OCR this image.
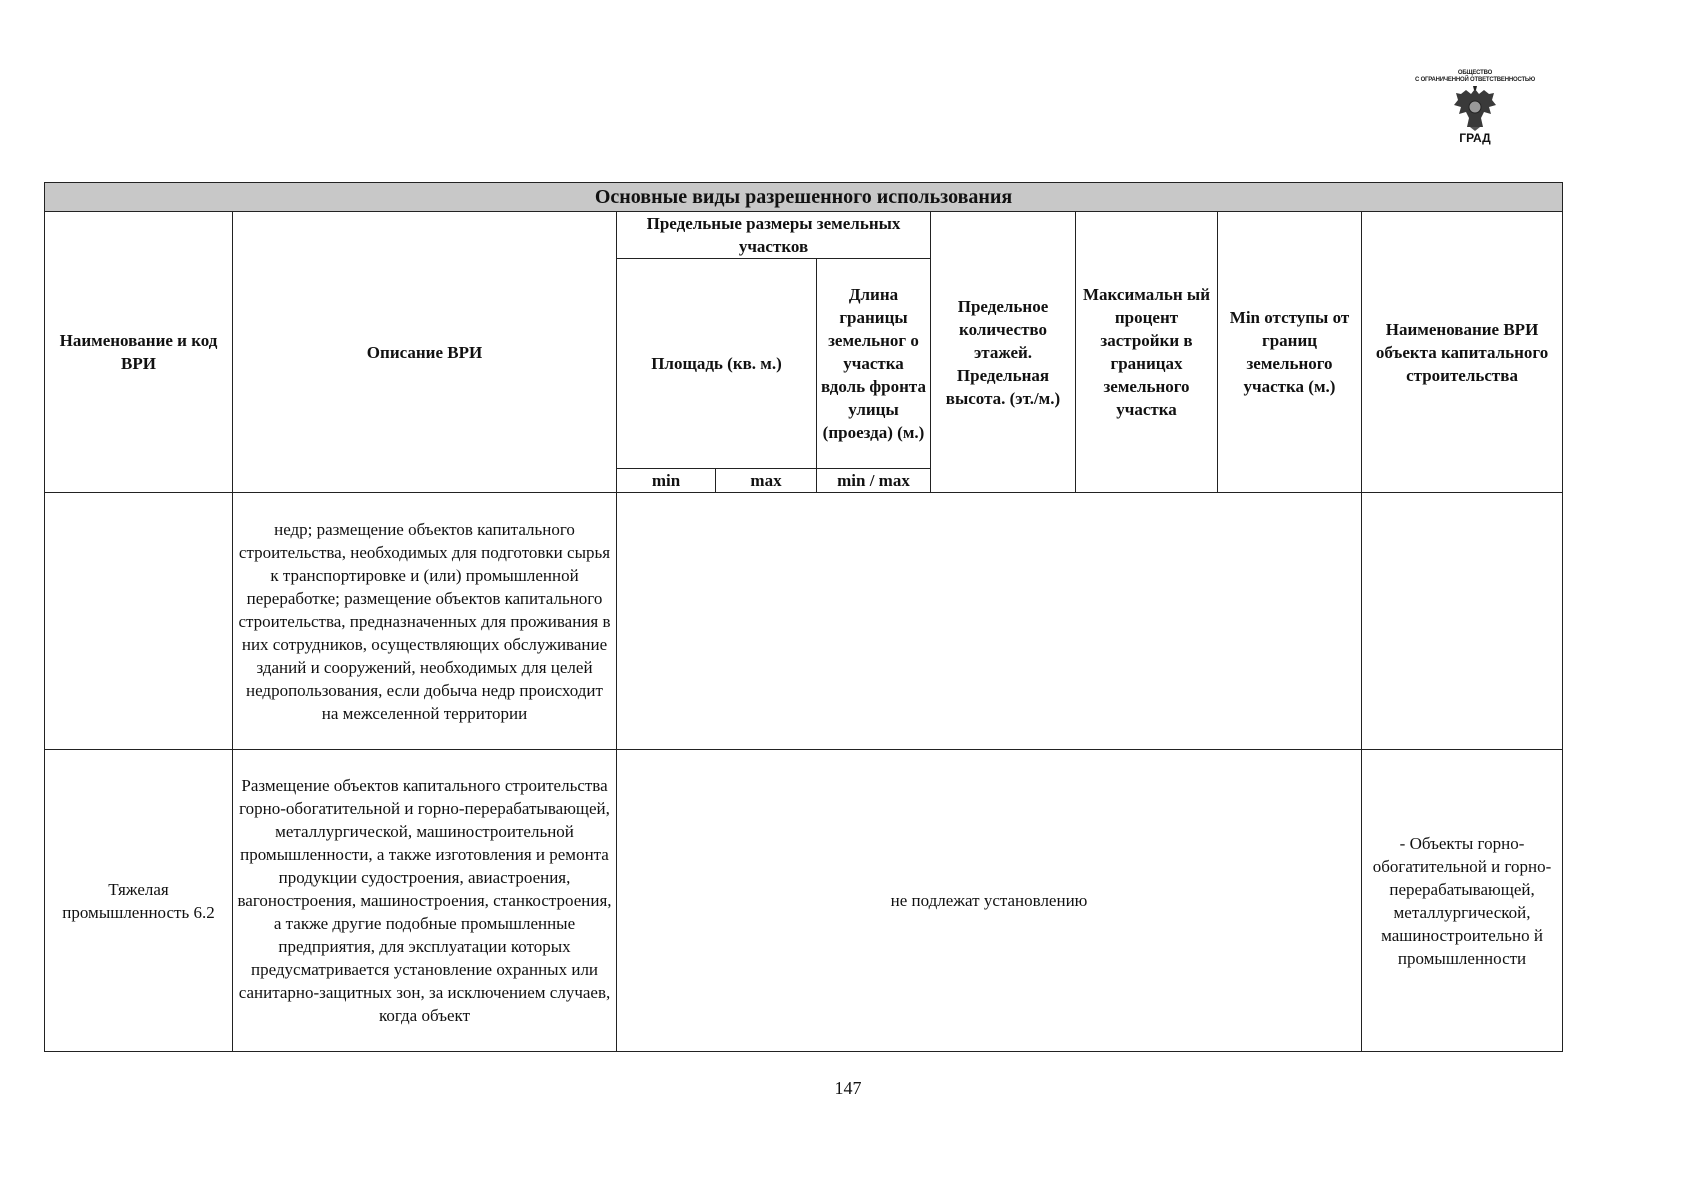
ОБЩЕСТВО
С ОГРАНИЧЕННОЙ ОТВЕТСТВЕННОСТЬЮ
ГРАД
Основные виды разрешенного использования								
Наименование и код ВРИ	Описание ВРИ	Предельные размеры земельных участков			Предельное количество этажей. Предельная высота. (эт./м.)	Максимальн ый процент застройки в границах земельного участка	Min отступы от границ земельного участка (м.)	Наименование ВРИ объекта капитального строительства
		Площадь (кв. м.)		Длина границы земельног о участка вдоль фронта улицы (проезда) (м.)				
		min	max	min / max				
	недр; размещение объектов капитального строительства, необходимых для подготовки сырья к транспортировке и (или) промышленной переработке; размещение объектов капитального строительства, предназначенных для проживания в них сотрудников, осуществляющих обслуживание зданий и сооружений, необходимых для целей недропользования, если добыча недр происходит на межселенной территории							
Тяжелая промышленность 6.2	Размещение объектов капитального строительства горно-обогатительной и горно-перерабатывающей, металлургической, машиностроительной промышленности, а также изготовления и ремонта продукции судостроения, авиастроения, вагоностроения, машиностроения, станкостроения, а также другие подобные промышленные предприятия, для эксплуатации которых предусматривается установление охранных или санитарно-защитных зон, за исключением случаев, когда объект	не подлежат установлению						- Объекты горно-обогатительной и горно-перерабатывающей, металлургической, машиностроительно й промышленности
147
